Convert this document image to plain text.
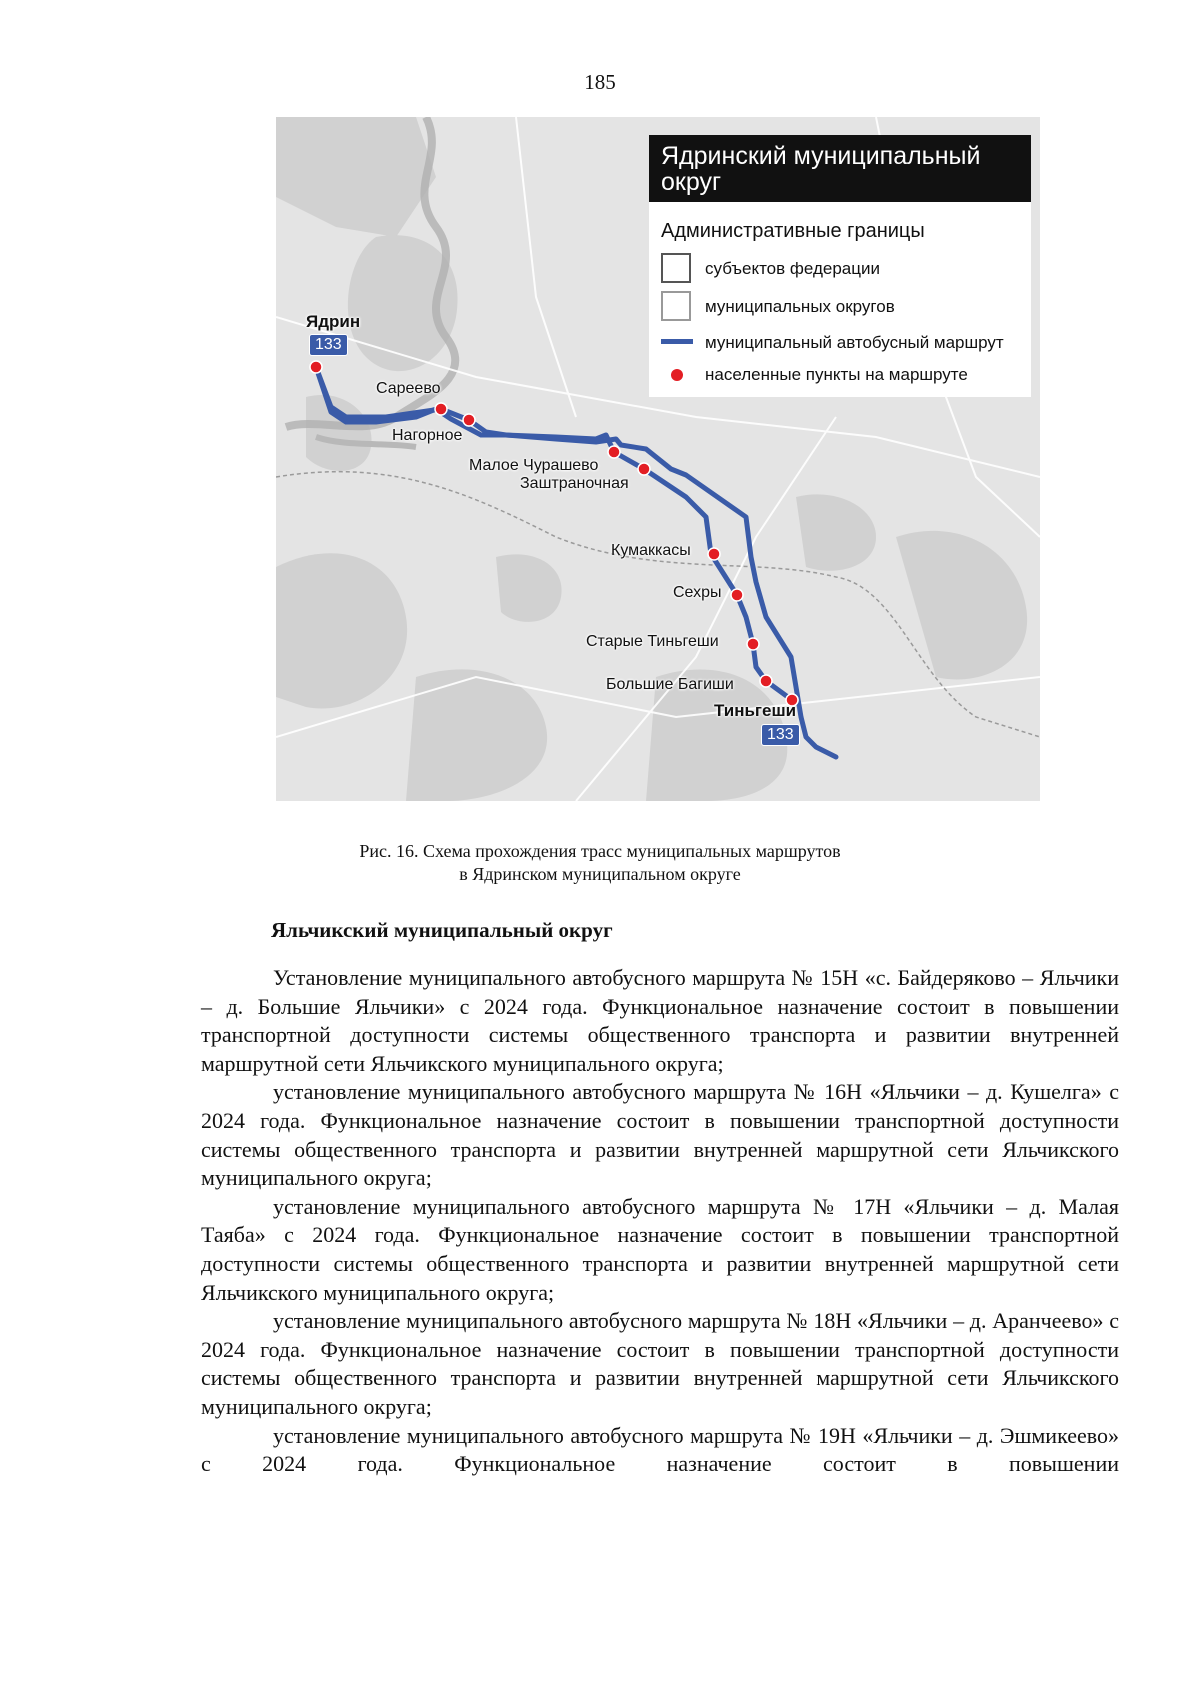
185
Ядрин
133
Сареево
Нагорное
Малое Чурашево
Заштраночная
Кумаккасы
Сехры
Старые Тиньгеши
Большие Багиши
Тиньгеши
133
Ядринский муниципальный округ
Административные границы
субъектов федерации
муниципальных округов
муниципальный автобусный маршрут
населенные пункты на маршруте
Рис. 16. Схема прохождения трасс муниципальных маршрутов
в Ядринском муниципальном округе
Яльчикский муниципальный округ

Установление муниципального автобусного маршрута № 15Н «с. Байдеряково – Яльчики – д. Большие Яльчики» с 2024 года. Функциональное назначение состоит в повышении транспортной доступности системы общественного транспорта и развитии внутренней маршрутной сети Яльчикского муниципального округа;

установление муниципального автобусного маршрута № 16Н «Яльчики – д. Кушелга» с 2024 года. Функциональное назначение состоит в повышении транспортной доступности системы общественного транспорта и развитии внутренней маршрутной сети Яльчикского муниципального округа;

установление муниципального автобусного маршрута № 17Н «Яльчики – д. Малая Таяба» с 2024 года. Функциональное назначение состоит в повышении транспортной доступности системы общественного транспорта и развитии внутренней маршрутной сети Яльчикского муниципального округа;

установление муниципального автобусного маршрута № 18Н «Яльчики – д. Аранчеево» с 2024 года. Функциональное назначение состоит в повышении транспортной доступности системы общественного транспорта и развитии внутренней маршрутной сети Яльчикского муниципального округа;

установление муниципального автобусного маршрута № 19Н «Яльчики – д. Эшмикеево» с 2024 года. Функциональное назначение состоит в повышении
